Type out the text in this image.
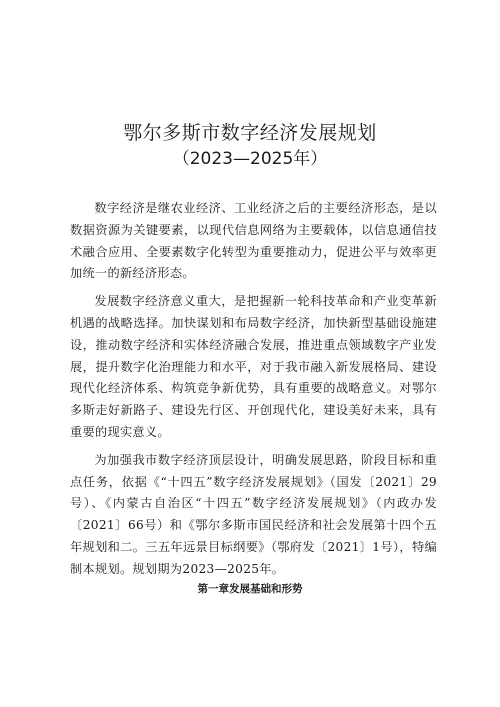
鄂尔多斯市数字经济发展规划
（2023—2025年）

数字经济是继农业经济、工业经济之后的主要经济形态，是以数据资源为关键要素，以现代信息网络为主要载体，以信息通信技术融合应用、全要素数字化转型为重要推动力，促进公平与效率更加统一的新经济形态。

发展数字经济意义重大，是把握新一轮科技革命和产业变革新机遇的战略选择。加快谋划和布局数字经济，加快新型基础设施建设，推动数字经济和实体经济融合发展，推进重点领域数字产业发展，提升数字化治理能力和水平，对于我市融入新发展格局、建设现代化经济体系、构筑竞争新优势，具有重要的战略意义。对鄂尔多斯走好新路子、建设先行区、开创现代化，建设美好未来，具有重要的现实意义。

为加强我市数字经济顶层设计，明确发展思路，阶段目标和重点任务，依据《“十四五”数字经济发展规划》（国发〔2021〕29号）、《内蒙古自治区“十四五”数字经济发展规划》（内政办发〔2021〕66号）和《鄂尔多斯市国民经济和社会发展第十四个五年规划和二。三五年远景目标纲要》（鄂府发〔2021〕1号），特编制本规划。规划期为2023—2025年。

第一章发展基础和形势
